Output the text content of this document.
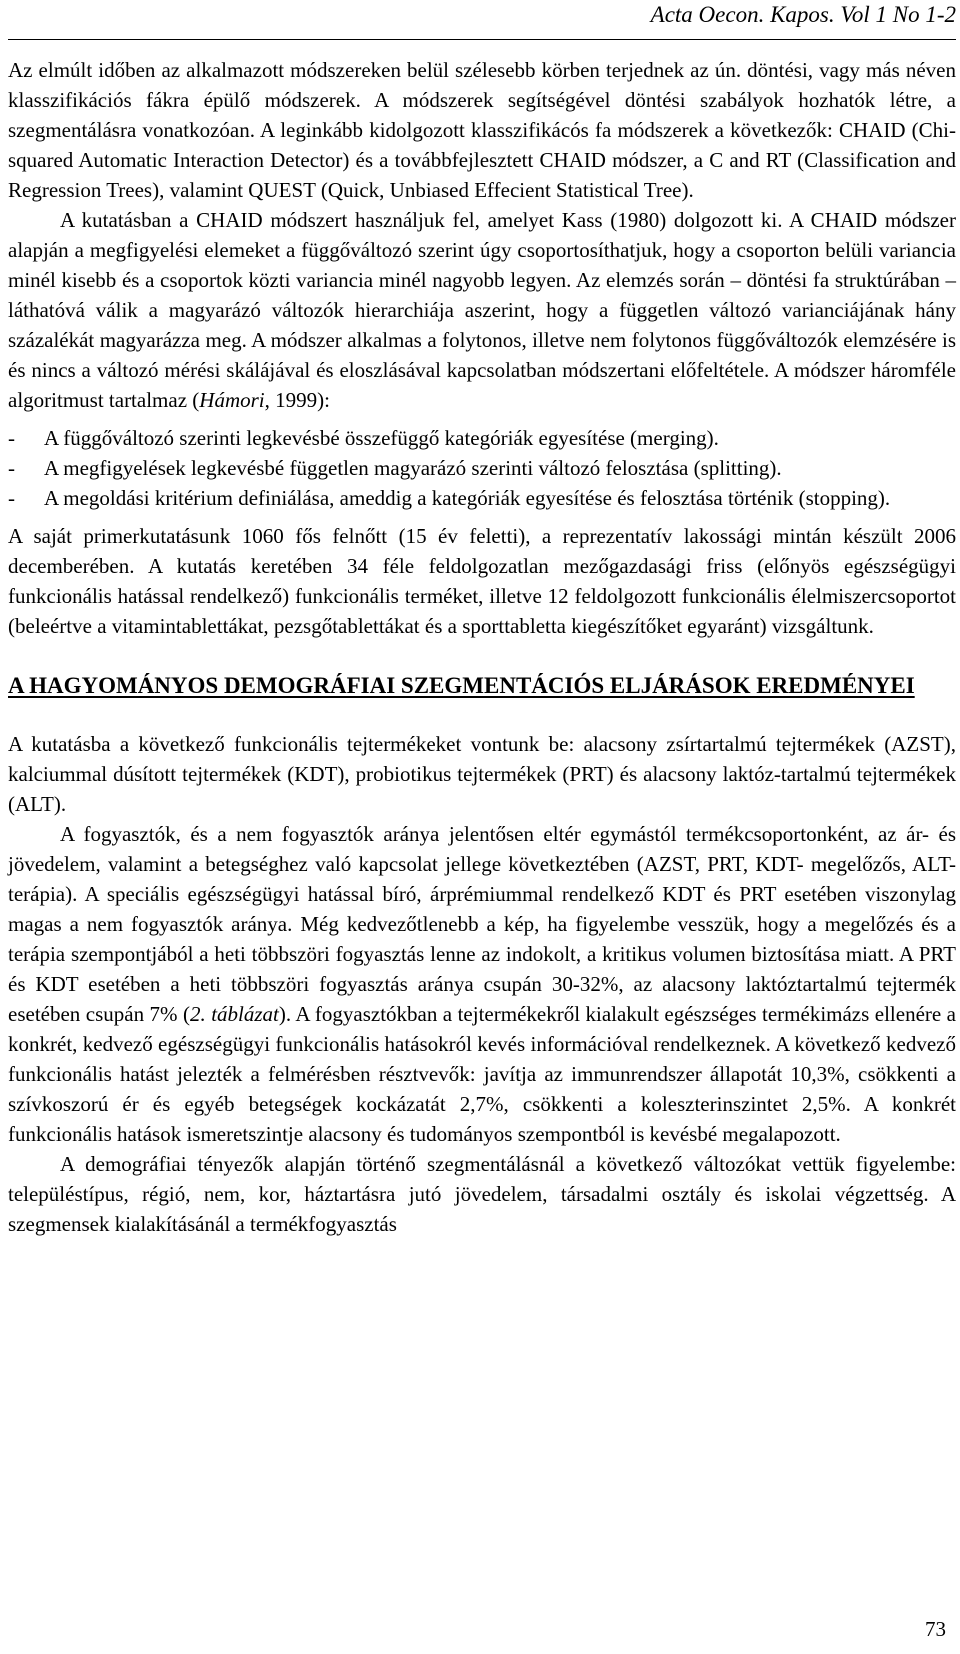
Acta Oecon. Kapos. Vol 1 No 1-2

Az elmúlt időben az alkalmazott módszereken belül szélesebb körben terjednek az ún. döntési, vagy más néven klasszifikációs fákra épülő módszerek. A módszerek segítségével döntési szabályok hozhatók létre, a szegmentálásra vonatkozóan. A leginkább kidolgozott klasszifikácós fa módszerek a következők: CHAID (Chi-squared Automatic Interaction Detector) és a továbbfejlesztett CHAID módszer, a C and RT (Classification and Regression Trees), valamint QUEST (Quick, Unbiased Effecient Statistical Tree).

A kutatásban a CHAID módszert használjuk fel, amelyet Kass (1980) dolgozott ki. A CHAID módszer alapján a megfigyelési elemeket a függőváltozó szerint úgy csoportosíthatjuk, hogy a csoporton belüli variancia minél kisebb és a csoportok közti variancia minél nagyobb legyen. Az elemzés során – döntési fa struktúrában – láthatóvá válik a magyarázó változók hierarchiája aszerint, hogy a független változó varianciájának hány százalékát magyarázza meg. A módszer alkalmas a folytonos, illetve nem folytonos függőváltozók elemzésére is és nincs a változó mérési skálájával és eloszlásával kapcsolatban módszertani előfeltétele. A módszer háromféle algoritmust tartalmaz (Hámori, 1999):

- A függőváltozó szerinti legkevésbé összefüggő kategóriák egyesítése (merging).
- A megfigyelések legkevésbé független magyarázó szerinti változó felosztása (splitting).
- A megoldási kritérium definiálása, ameddig a kategóriák egyesítése és felosztása történik (stopping).

A saját primerkutatásunk 1060 fős felnőtt (15 év feletti), a reprezentatív lakossági mintán készült 2006 decemberében. A kutatás keretében 34 féle feldolgozatlan mezőgazdasági friss (előnyös egészségügyi funkcionális hatással rendelkező) funkcionális terméket, illetve 12 feldolgozott funkcionális élelmiszercsoportot (beleértve a vitamintablettákat, pezsgőtablettákat és a sporttabletta kiegészítőket egyaránt) vizsgáltunk.

A HAGYOMÁNYOS DEMOGRÁFIAI SZEGMENTÁCIÓS ELJÁRÁSOK EREDMÉNYEI

A kutatásba a következő funkcionális tejtermékeket vontunk be: alacsony zsírtartalmú tejtermékek (AZST), kalciummal dúsított tejtermékek (KDT), probiotikus tejtermékek (PRT) és alacsony laktóz-tartalmú tejtermékek (ALT).

A fogyasztók, és a nem fogyasztók aránya jelentősen eltér egymástól termékcsoportonként, az ár- és jövedelem, valamint a betegséghez való kapcsolat jellege következtében (AZST, PRT, KDT- megelőzős, ALT- terápia). A speciális egészségügyi hatással bíró, árprémiummal rendelkező KDT és PRT esetében viszonylag magas a nem fogyasztók aránya. Még kedvezőtlenebb a kép, ha figyelembe vesszük, hogy a megelőzés és a terápia szempontjából a heti többszöri fogyasztás lenne az indokolt, a kritikus volumen biztosítása miatt. A PRT és KDT esetében a heti többszöri fogyasztás aránya csupán 30-32%, az alacsony laktóztartalmú tejtermék esetében csupán 7% (2. táblázat). A fogyasztókban a tejtermékekről kialakult egészséges termékimázs ellenére a konkrét, kedvező egészségügyi funkcionális hatásokról kevés információval rendelkeznek. A következő kedvező funkcionális hatást jelezték a felmérésben résztvevők: javítja az immunrendszer állapotát 10,3%, csökkenti a szívkoszorú ér és egyéb betegségek kockázatát 2,7%, csökkenti a koleszterinszintet 2,5%. A konkrét funkcionális hatások ismeretszintje alacsony és tudományos szempontból is kevésbé megalapozott.

A demográfiai tényezők alapján történő szegmentálásnál a következő változókat vettük figyelembe: településtípus, régió, nem, kor, háztartásra jutó jövedelem, társadalmi osztály és iskolai végzettség. A szegmensek kialakításánál a termékfogyasztás

73
